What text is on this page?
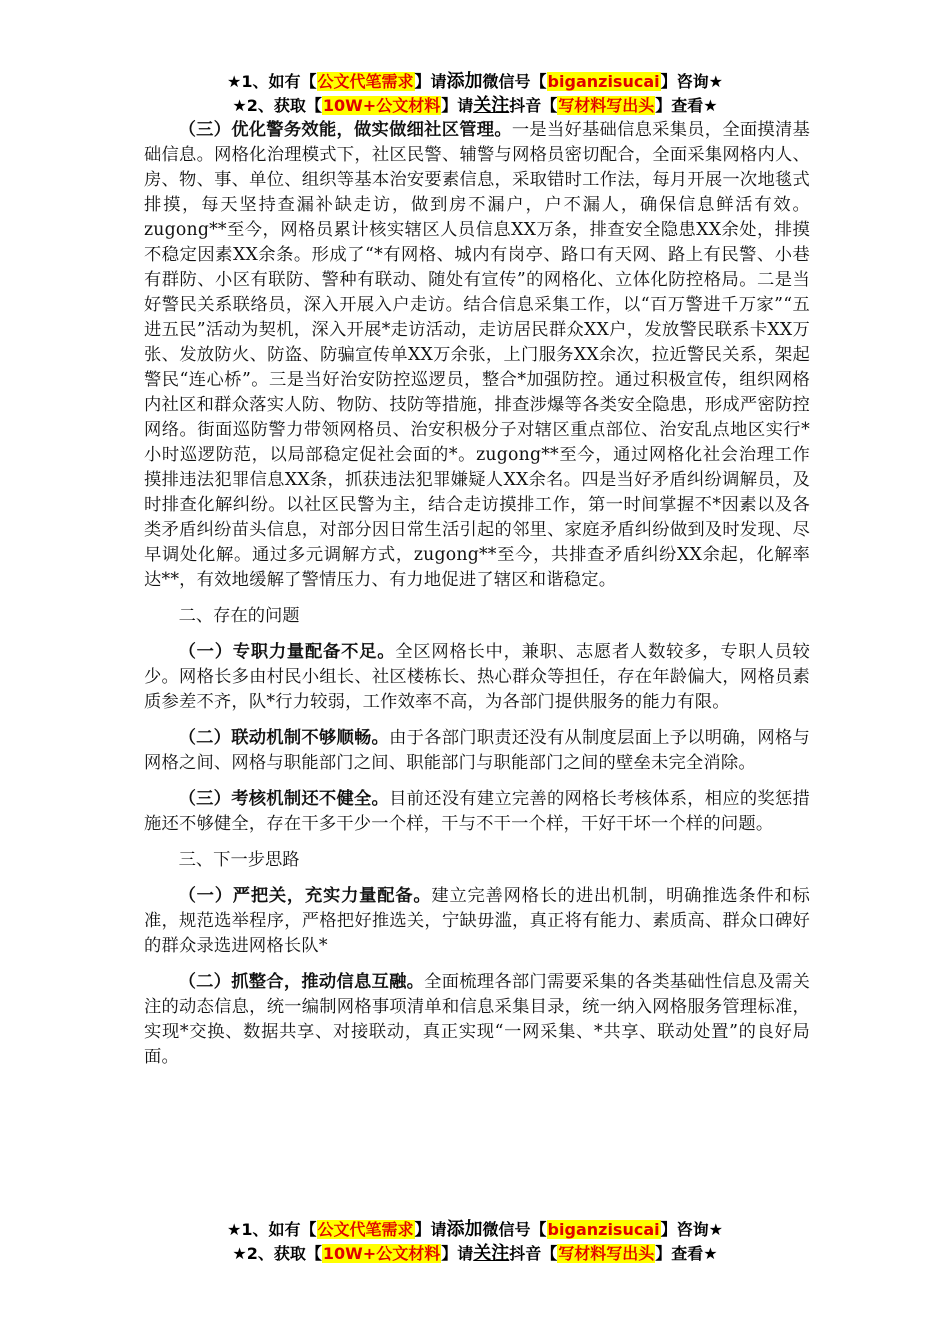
★1、如有【公文代笔需求】请添加微信号【biganzisucai】咨询★
★2、获取【10W+公文材料】请关注抖音【写材料写出头】查看★

（三）优化警务效能，做实做细社区管理。一是当好基础信息采集员，全面摸清基础信息。网格化治理模式下，社区民警、辅警与网格员密切配合，全面采集网格内人、房、物、事、单位、组织等基本治安要素信息，采取错时工作法，每月开展一次地毯式排摸，每天坚持查漏补缺走访，做到房不漏户，户不漏人，确保信息鲜活有效。zugong**至今，网格员累计核实辖区人员信息XX万条，排查安全隐患XX余处，排摸不稳定因素XX余条。形成了“*有网格、城内有岗亭、路口有天网、路上有民警、小巷有群防、小区有联防、警种有联动、随处有宣传”的网格化、立体化防控格局。二是当好警民关系联络员，深入开展入户走访。结合信息采集工作，以“百万警进千万家”“五进五民”活动为契机，深入开展*走访活动，走访居民群众XX户，发放警民联系卡XX万张、发放防火、防盗、防骗宣传单XX万余张，上门服务XX余次，拉近警民关系，架起警民“连心桥”。三是当好治安防控巡逻员，整合*加强防控。通过积极宣传，组织网格内社区和群众落实人防、物防、技防等措施，排查涉爆等各类安全隐患，形成严密防控网络。街面巡防警力带领网格员、治安积极分子对辖区重点部位、治安乱点地区实行*小时巡逻防范，以局部稳定促社会面的*。zugong**至今，通过网格化社会治理工作摸排违法犯罪信息XX条，抓获违法犯罪嫌疑人XX余名。四是当好矛盾纠纷调解员，及时排查化解纠纷。以社区民警为主，结合走访摸排工作，第一时间掌握不*因素以及各类矛盾纠纷苗头信息，对部分因日常生活引起的邻里、家庭矛盾纠纷做到及时发现、尽早调处化解。通过多元调解方式，zugong**至今，共排查矛盾纠纷XX余起，化解率达**，有效地缓解了警情压力、有力地促进了辖区和谐稳定。

二、存在的问题

（一）专职力量配备不足。全区网格长中，兼职、志愿者人数较多，专职人员较少。网格长多由村民小组长、社区楼栋长、热心群众等担任，存在年龄偏大，网格员素质参差不齐，队*行力较弱，工作效率不高，为各部门提供服务的能力有限。

（二）联动机制不够顺畅。由于各部门职责还没有从制度层面上予以明确，网格与网格之间、网格与职能部门之间、职能部门与职能部门之间的壁垒未完全消除。

（三）考核机制还不健全。目前还没有建立完善的网格长考核体系，相应的奖惩措施还不够健全，存在干多干少一个样，干与不干一个样，干好干坏一个样的问题。

三、下一步思路

（一）严把关，充实力量配备。建立完善网格长的进出机制，明确推选条件和标准，规范选举程序，严格把好推选关，宁缺毋滥，真正将有能力、素质高、群众口碑好的群众录选进网格长队*

（二）抓整合，推动信息互融。全面梳理各部门需要采集的各类基础性信息及需关注的动态信息，统一编制网格事项清单和信息采集目录，统一纳入网格服务管理标准，实现*交换、数据共享、对接联动，真正实现“一网采集、*共享、联动处置”的良好局面。

★1、如有【公文代笔需求】请添加微信号【biganzisucai】咨询★
★2、获取【10W+公文材料】请关注抖音【写材料写出头】查看★
